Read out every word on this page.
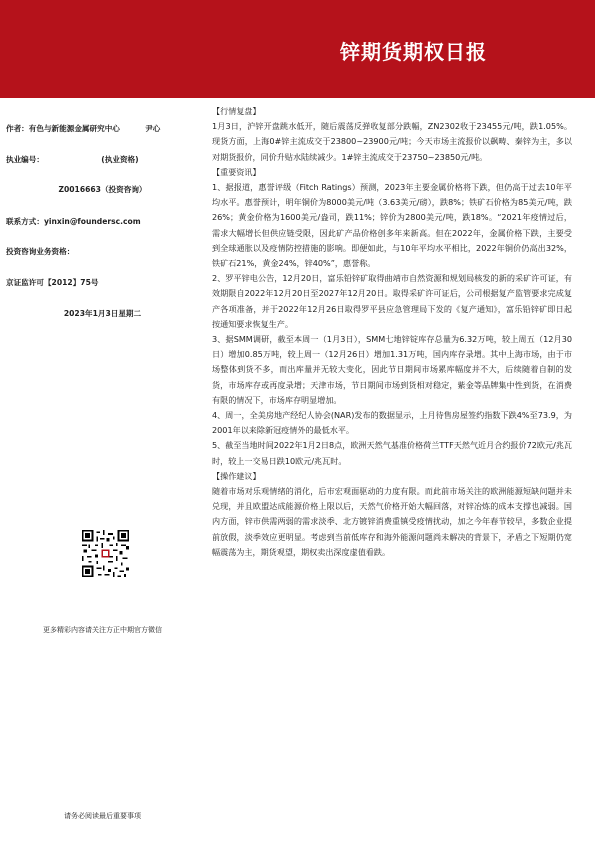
锌期货期权日报
作者：有色与新能源金属研究中心	尹心
执业编号：	(执业资格)
Z0016663（投资咨询）
联系方式：yinxin@foundersc.com
投资咨询业务资格：
京证监许可【2012】75号
2023年1月3日星期二
更多精彩内容请关注方正中期官方微信
请务必阅读最后重要事项

【行情复盘】

1月3日，沪锌开盘跳水低开，随后震荡反弹收复部分跌幅，ZN2302收于23455元/吨，跌1.05%。现货方面，上海0#锌主流成交于23800~23900元/吨；今天市场主流报价以飙畴、秦锌为主，多以对期货报价，同价升贴水陆续减少。1#锌主流成交于23750~23850元/吨。

【重要资讯】

1、据报道，惠誉评级（Fitch Ratings）预测，2023年主要金属价格将下跌，但仍高于过去10年平均水平。惠誉预计，明年铜价为8000美元/吨（3.63美元/磅），跌8%；铁矿石价格为85美元/吨，跌26%；黄金价格为1600美元/盎司，跌11%；锌价为2800美元/吨，跌18%。“2021年疫情过后，需求大幅增长但供应链受限，因此矿产品价格创多年来新高。但在2022年，金属价格下跌，主要受到全球通胀以及疫情防控措施的影响。即便如此，与10年平均水平相比，2022年铜价仍高出32%，铁矿石21%，黄金24%，锌40%”，惠誉称。

2、罗平锌电公告，12月20日，富乐铅锌矿取得曲靖市自然资源和规划局核发的新的采矿许可证，有效期限自2022年12月20日至2027年12月20日。取得采矿许可证后，公司根据复产监管要求完成复产各项准备，并于2022年12月26日取得罗平县应急管理局下发的《复产通知》，富乐铅锌矿即日起按通知要求恢复生产。

3、据SMM调研，截至本周一（1月3日），SMM七地锌锭库存总量为6.32万吨，较上周五（12月30日）增加0.85万吨，较上周一（12月26日）增加1.31万吨，国内库存录增。其中上海市场，由于市场整体到货不多，而出库量并无较大变化，因此节日期间市场累库幅度并不大，后续随着自制的发货，市场库存或再度录增；天津市场，节日期间市场到货相对稳定，紫金等品牌集中性到货，在消费有限的情况下，市场库存明显增加。

4、周一，全美房地产经纪人协会(NAR)发布的数据显示，上月待售房屋签约指数下跌4%至73.9，为2001年以来除新冠疫情外的最低水平。

5、截至当地时间2022年1月2日8点，欧洲天然气基准价格荷兰TTF天然气近月合约报价72欧元/兆瓦时，较上一交易日跌10欧元/兆瓦时。

【操作建议】

随着市场对乐观情绪的消化，后市宏观面驱动的力度有限。而此前市场关注的欧洲能源短缺问题并未兑现，并且欧盟达成能源价格上限以后，天然气价格开始大幅回落，对锌冶炼的成本支撑也减弱。国内方面，锌市供需两弱的需求淡季、北方镀锌消费重镇受疫情扰动，加之今年春节较早，多数企业提前放假，淡季效应更明显。考虑到当前低库存和海外能源问题尚未解决的背景下，矛盾之下短期仍宽幅震荡为主，期货观望，期权卖出深度虚值看跌。
